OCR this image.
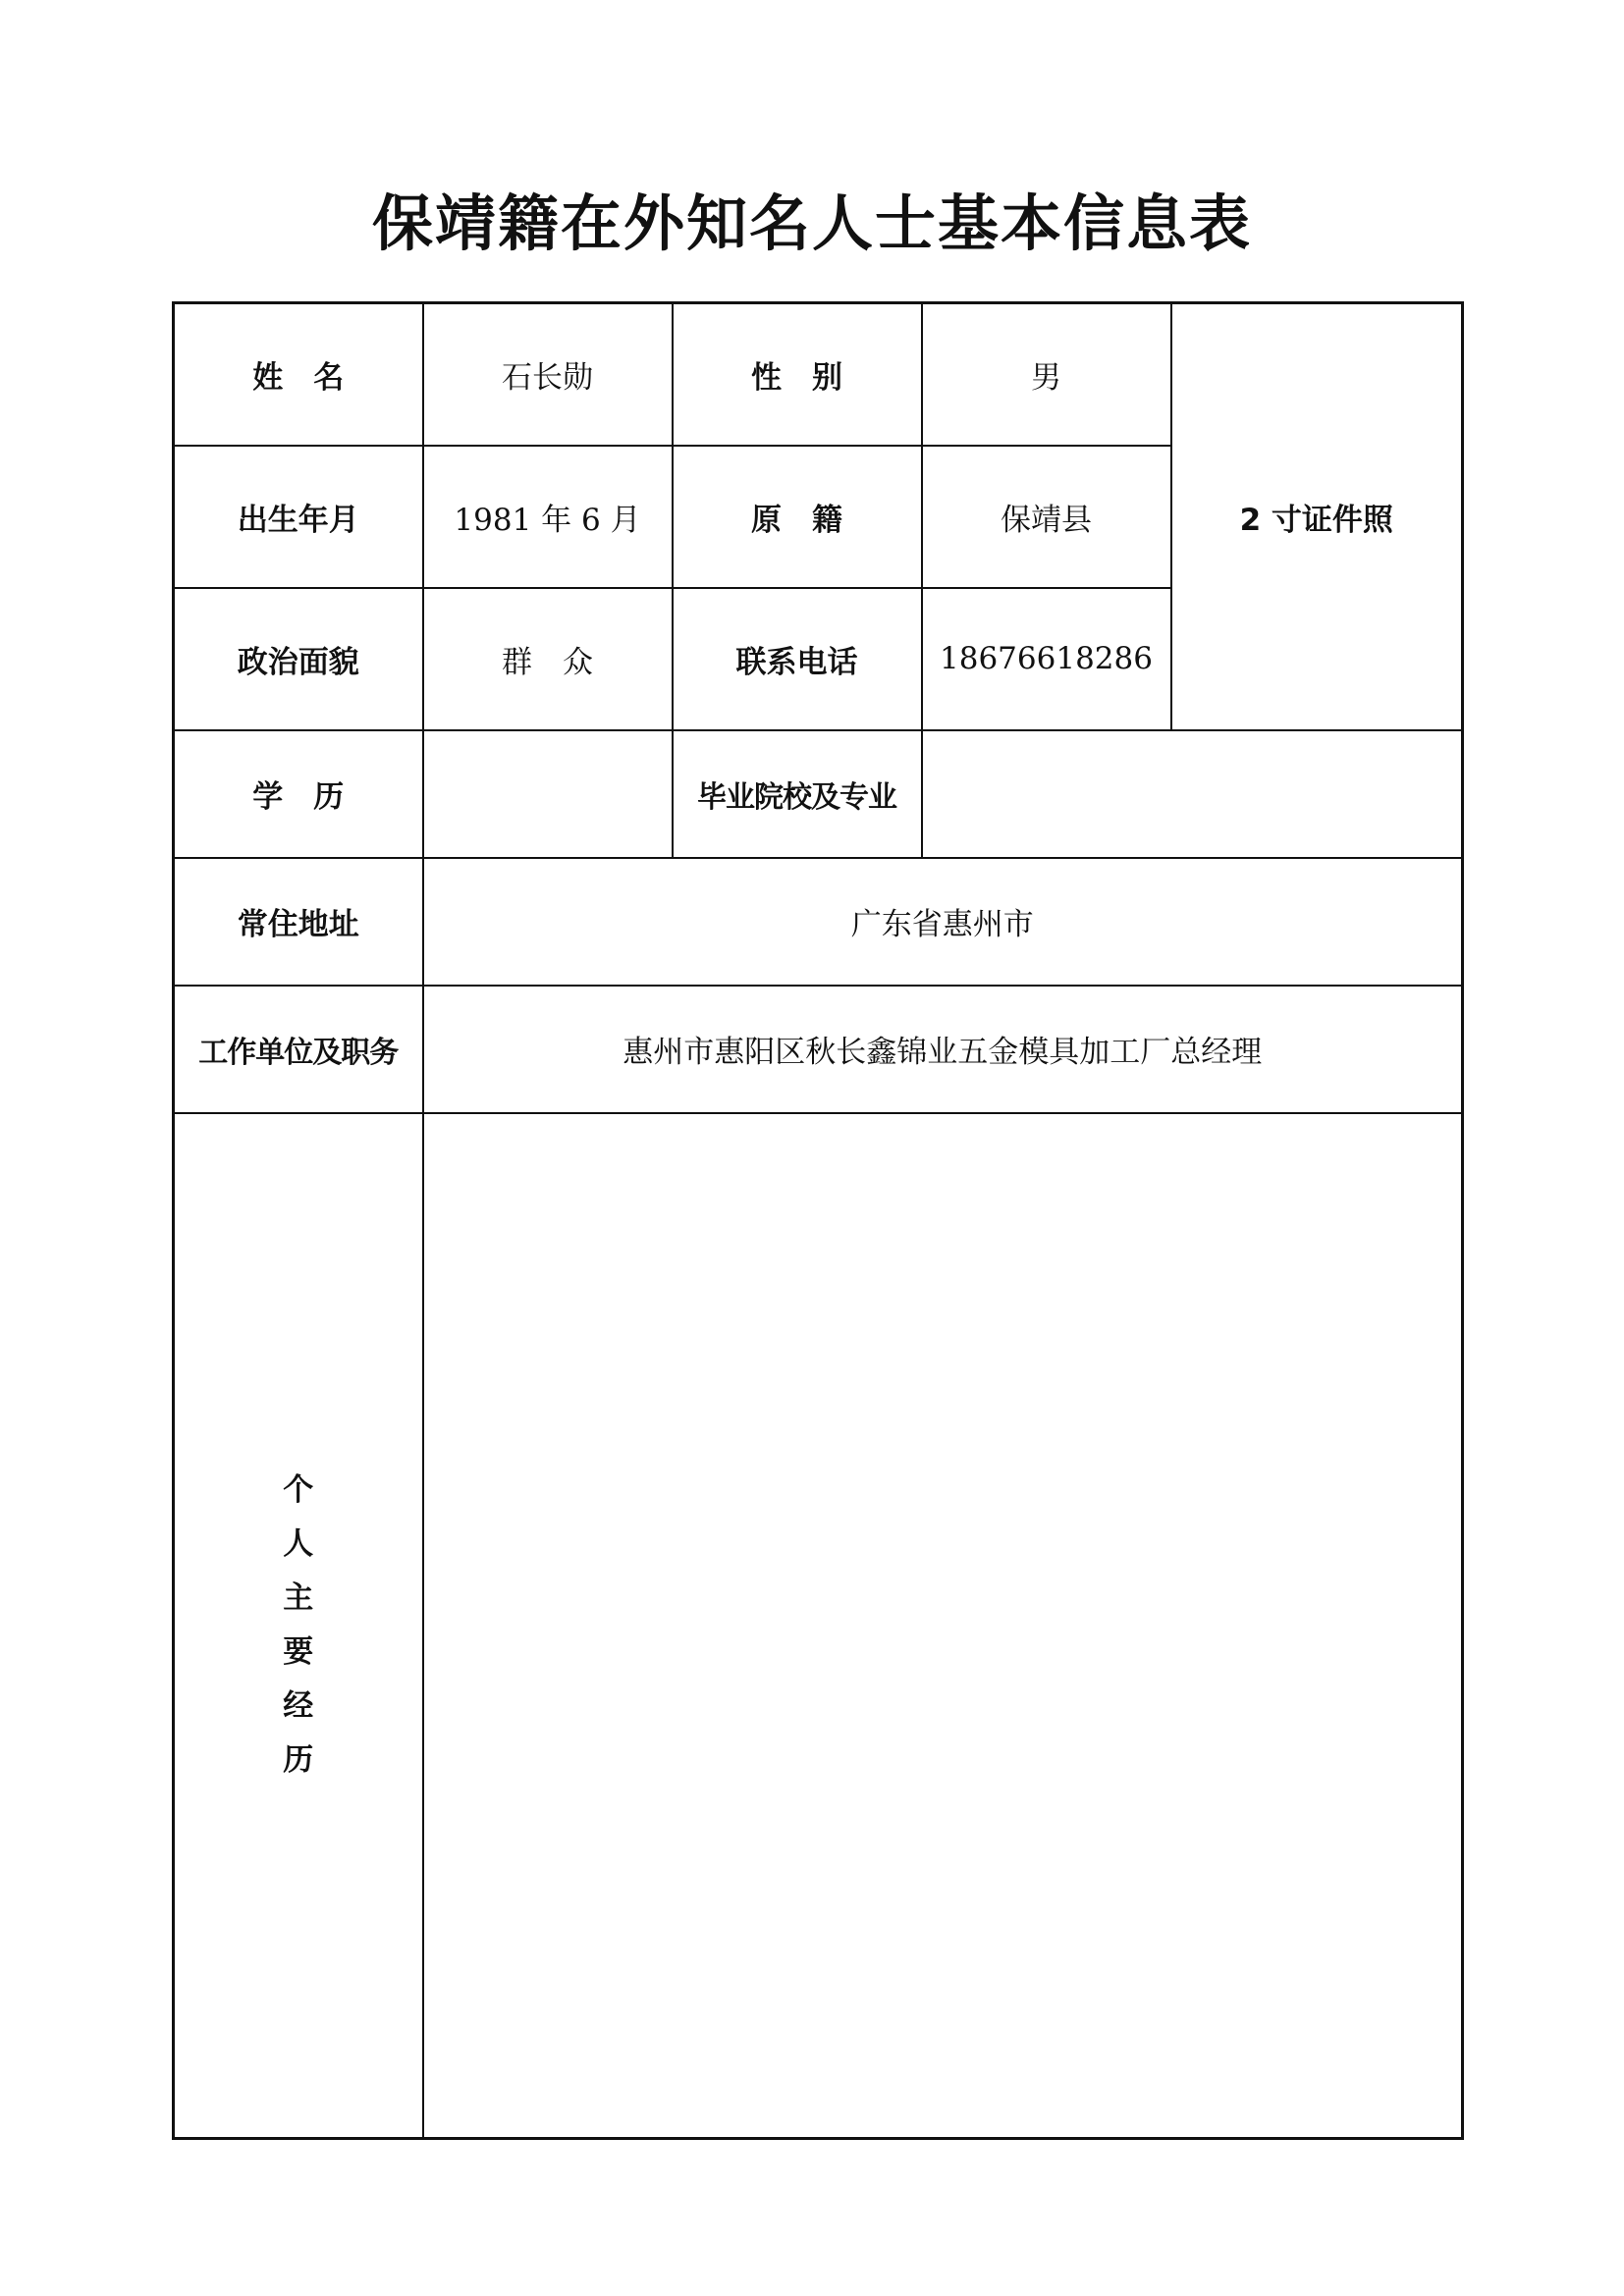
保靖籍在外知名人士基本信息表
姓　名	石长勋	性　别	男	2 寸证件照
出生年月	1981 年 6 月	原　籍	保靖县	
政治面貌	群　众	联系电话	18676618286	
学　历		毕业院校及专业		
常住地址	广东省惠州市			
工作单位及职务	惠州市惠阳区秋长鑫锦业五金模具加工厂总经理			

个人主要经历				
